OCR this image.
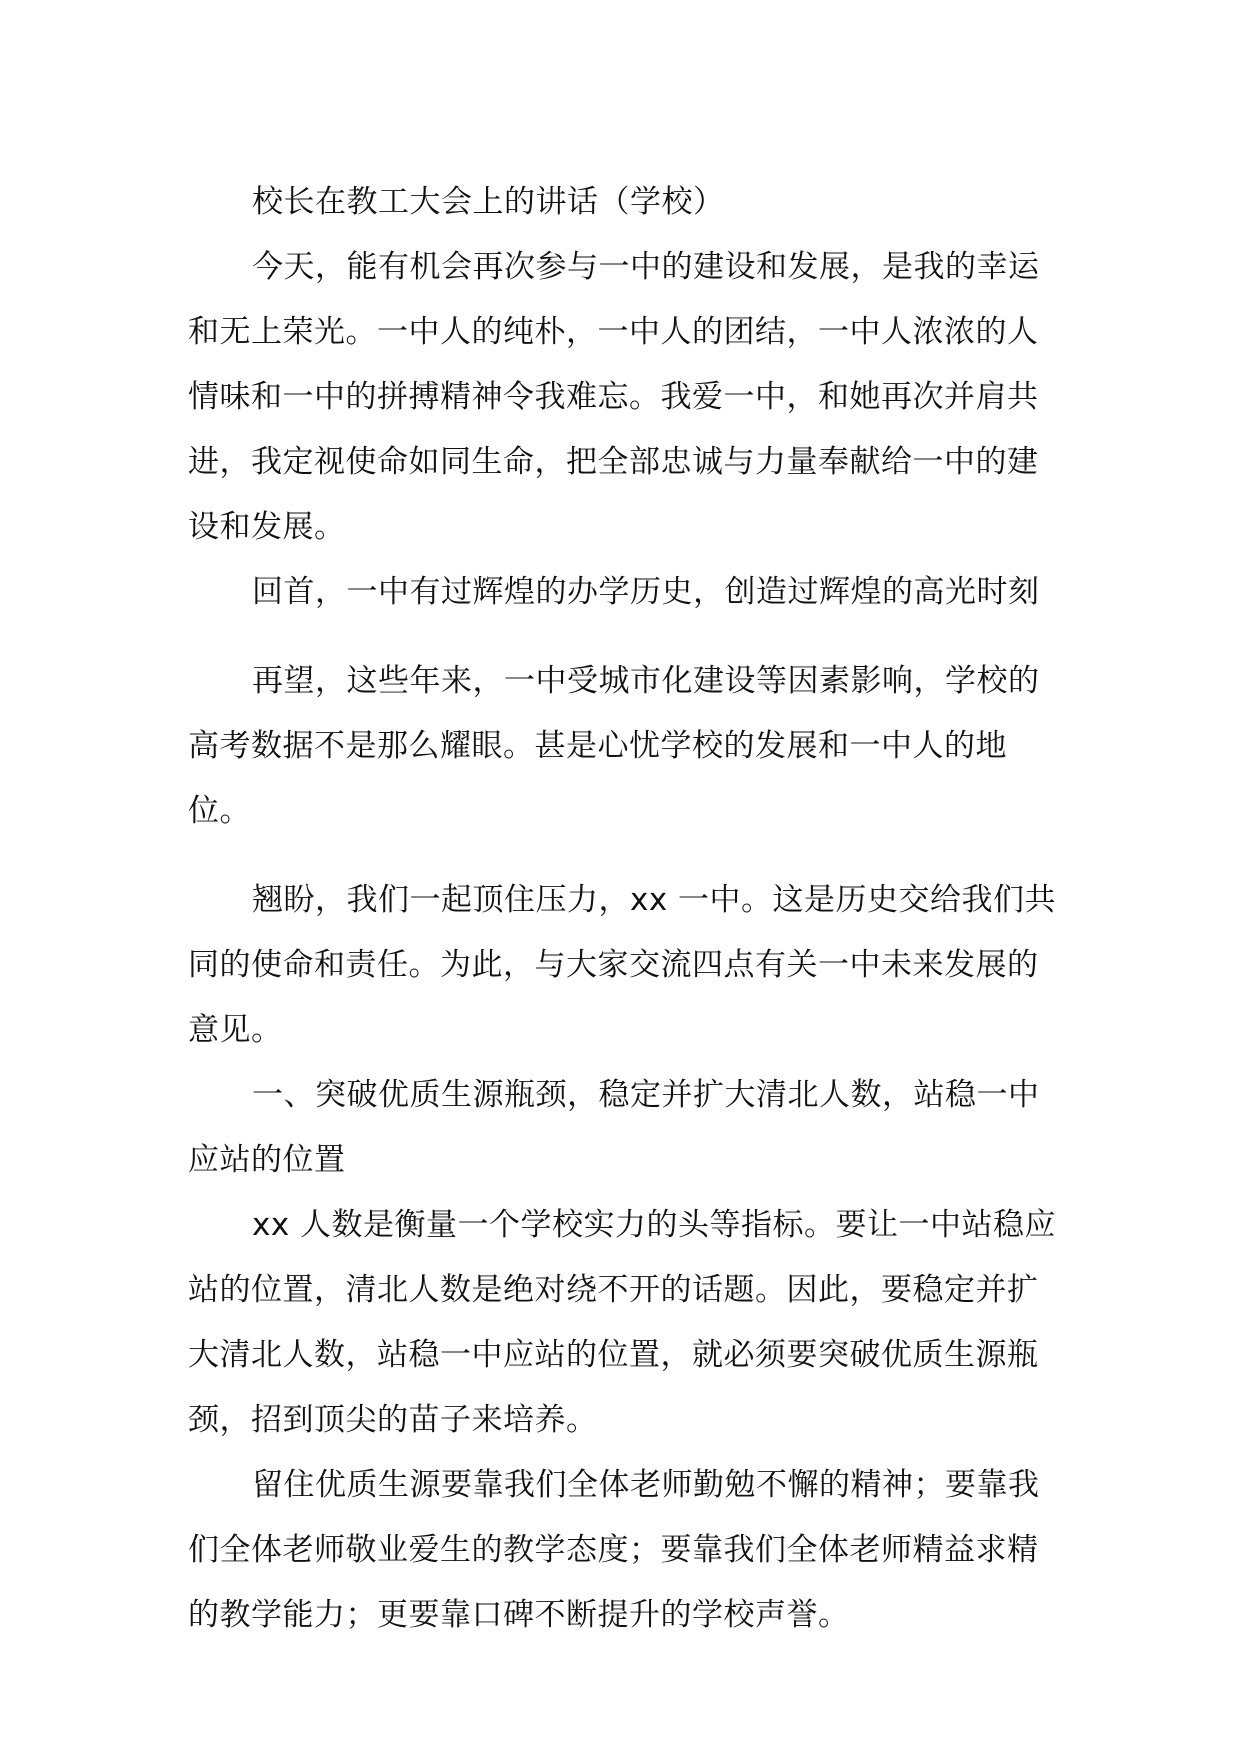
校长在教工大会上的讲话（学校）

今天，能有机会再次参与一中的建设和发展，是我的幸运和无上荣光。一中人的纯朴，一中人的团结，一中人浓浓的人情味和一中的拼搏精神令我难忘。我爱一中，和她再次并肩共进，我定视使命如同生命，把全部忠诚与力量奉献给一中的建设和发展。

回首，一中有过辉煌的办学历史，创造过辉煌的高光时刻

再望，这些年来，一中受城市化建设等因素影响，学校的高考数据不是那么耀眼。甚是心忧学校的发展和一中人的地位。

翘盼，我们一起顶住压力，xx 一中。这是历史交给我们共同的使命和责任。为此，与大家交流四点有关一中未来发展的意见。

一、突破优质生源瓶颈，稳定并扩大清北人数，站稳一中应站的位置

xx 人数是衡量一个学校实力的头等指标。要让一中站稳应站的位置，清北人数是绝对绕不开的话题。因此，要稳定并扩大清北人数，站稳一中应站的位置，就必须要突破优质生源瓶颈，招到顶尖的苗子来培养。

留住优质生源要靠我们全体老师勤勉不懈的精神；要靠我们全体老师敬业爱生的教学态度；要靠我们全体老师精益求精的教学能力；更要靠口碑不断提升的学校声誉。
